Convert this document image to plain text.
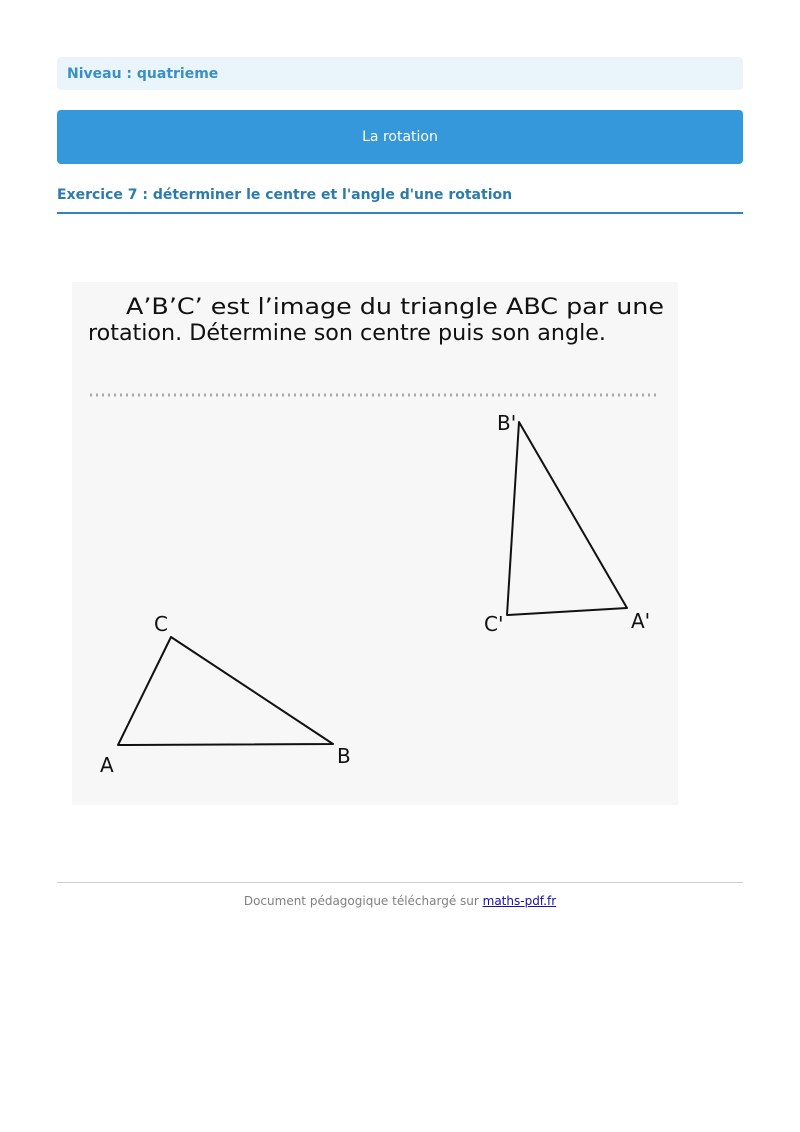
Niveau : quatrieme
La rotation
Exercice 7 : déterminer le centre et l'angle d'une rotation
A’B’C’ est l’image du triangle ABC par une
rotation. Détermine son centre puis son angle.
A	B
C	A'
B'
C'
Document pédagogique téléchargé sur maths-pdf.fr
